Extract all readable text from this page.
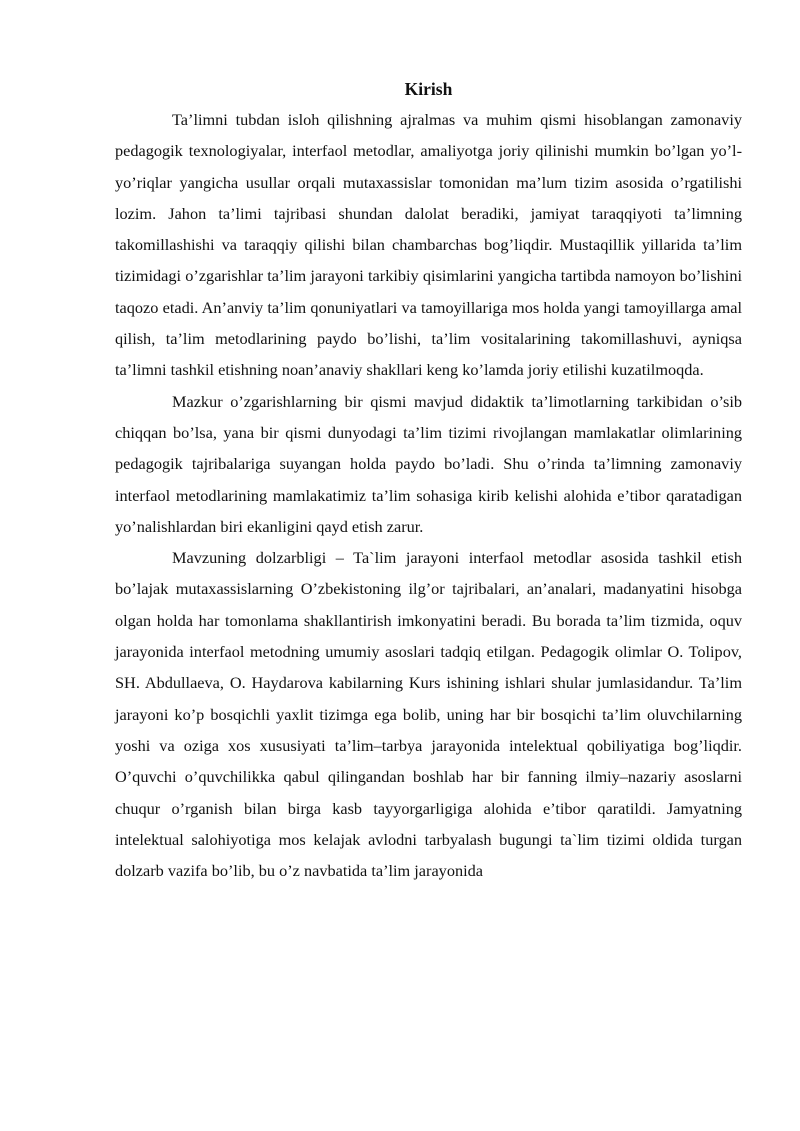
Kirish

Ta’limni tubdan isloh qilishning ajralmas va muhim qismi hisoblangan zamonaviy pedagogik texnologiyalar, interfaol metodlar, amaliyotga joriy qilinishi mumkin bo’lgan yo’l-yo’riqlar yangicha usullar orqali mutaxassislar tomonidan ma’lum tizim asosida o’rgatilishi lozim. Jahon ta’limi tajribasi shundan dalolat beradiki, jamiyat taraqqiyoti ta’limning takomillashishi va taraqqiy qilishi bilan chambarchas bog’liqdir. Mustaqillik yillarida ta’lim tizimidagi o’zgarishlar ta’lim jarayoni tarkibiy qisimlarini yangicha tartibda namoyon bo’lishini taqozo etadi. An’anviy ta’lim qonuniyatlari va tamoyillariga mos holda yangi tamoyillarga amal qilish, ta’lim metodlarining paydo bo’lishi, ta’lim vositalarining takomillashuvi, ayniqsa ta’limni tashkil etishning noan’anaviy shakllari keng ko’lamda joriy etilishi kuzatilmoqda.

Mazkur o’zgarishlarning bir qismi mavjud didaktik ta’limotlarning tarkibidan o’sib chiqqan bo’lsa, yana bir qismi dunyodagi ta’lim tizimi rivojlangan mamlakatlar olimlarining pedagogik tajribalariga suyangan holda paydo bo’ladi. Shu o’rinda ta’limning zamonaviy interfaol metodlarining mamlakatimiz ta’lim sohasiga kirib kelishi alohida e’tibor qaratadigan yo’nalishlardan biri ekanligini qayd etish zarur.

Mavzuning dolzarbligi – Ta`lim jarayoni interfaol metodlar asosida tashkil etish bo’lajak mutaxassislarning O’zbekistoning ilg’or tajribalari, an’analari, madanyatini hisobga olgan holda har tomonlama shakllantirish imkonyatini beradi. Bu borada ta’lim tizmida, oquv jarayonida interfaol metodning umumiy asoslari tadqiq etilgan. Pedagogik olimlar O. Tolipov, SH. Abdullaeva, O. Haydarova kabilarning Kurs ishining ishlari shular jumlasidandur. Ta’lim jarayoni ko’p bosqichli yaxlit tizimga ega bolib, uning har bir bosqichi ta’lim oluvchilarning yoshi va oziga xos xususiyati ta’lim–tarbya jarayonida intelektual qobiliyatiga bog’liqdir. O’quvchi o’quvchilikka qabul qilingandan boshlab har bir fanning ilmiy–nazariy asoslarni chuqur o’rganish bilan birga kasb tayyorgarligiga alohida e’tibor qaratildi. Jamyatning intelektual salohiyotiga mos kelajak avlodni tarbyalash bugungi ta`lim tizimi oldida turgan dolzarb vazifa bo’lib, bu o’z navbatida ta’lim jarayonida
